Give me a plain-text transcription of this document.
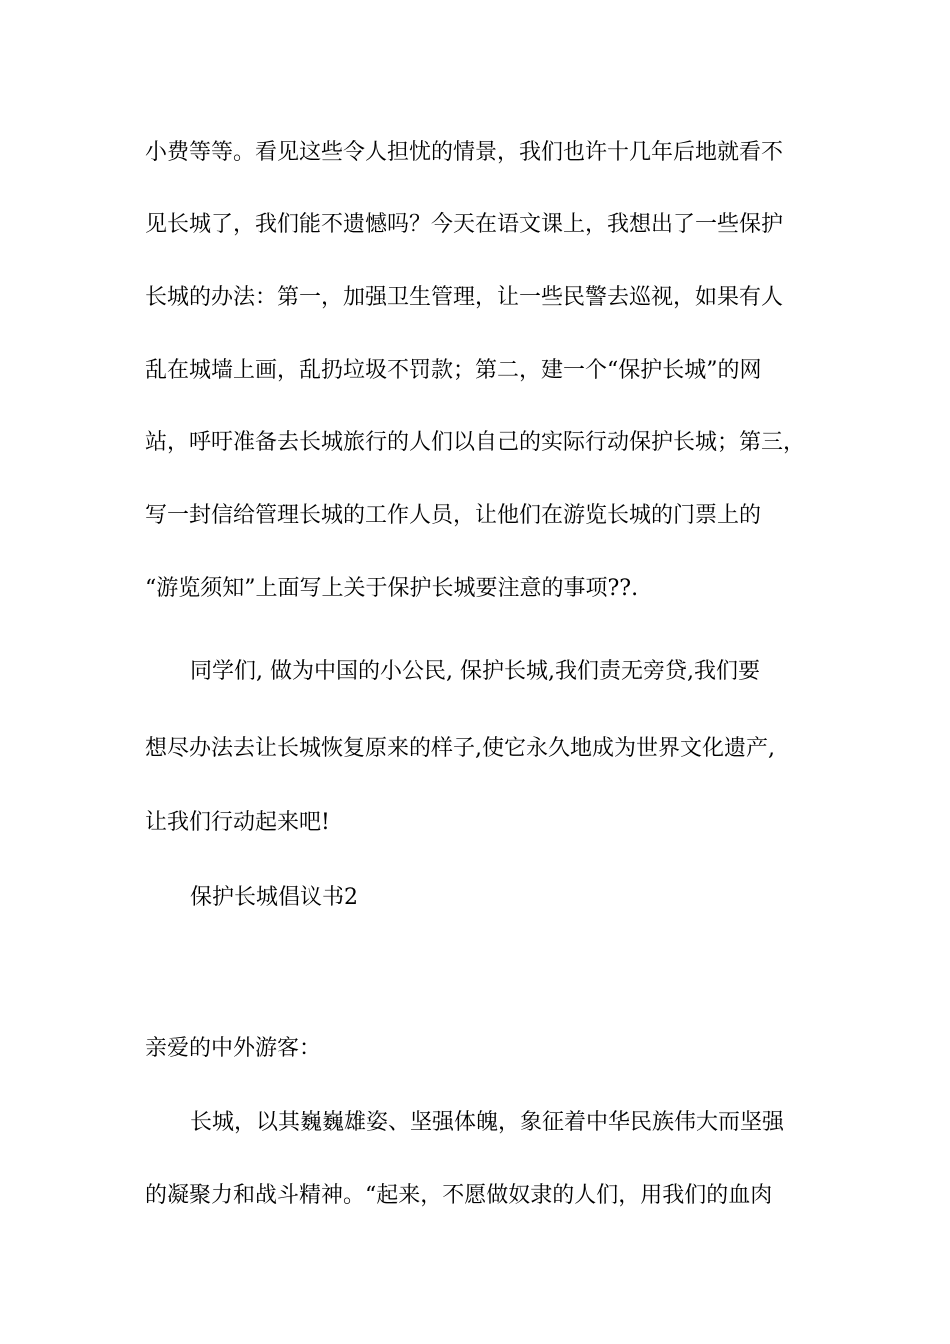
小费等等。看见这些令人担忧的情景，我们也许十几年后地就看不
见长城了，我们能不遗憾吗？今天在语文课上，我想出了一些保护
长城的办法：第一，加强卫生管理，让一些民警去巡视，如果有人
乱在城墙上画，乱扔垃圾不罚款；第二，建一个“保护长城”的网
站，呼吁准备去长城旅行的人们以自己的实际行动保护长城；第三，
写一封信给管理长城的工作人员，让他们在游览长城的门票上的
“游览须知”上面写上关于保护长城要注意的事项??.
同学们, 做为中国的小公民, 保护长城,我们责无旁贷,我们要
想尽办法去让长城恢复原来的样子,使它永久地成为世界文化遗产,
让我们行动起来吧!
保护长城倡议书2
亲爱的中外游客：
长城，以其巍巍雄姿、坚强体魄，象征着中华民族伟大而坚强
的凝聚力和战斗精神。“起来，不愿做奴隶的人们，用我们的血肉
